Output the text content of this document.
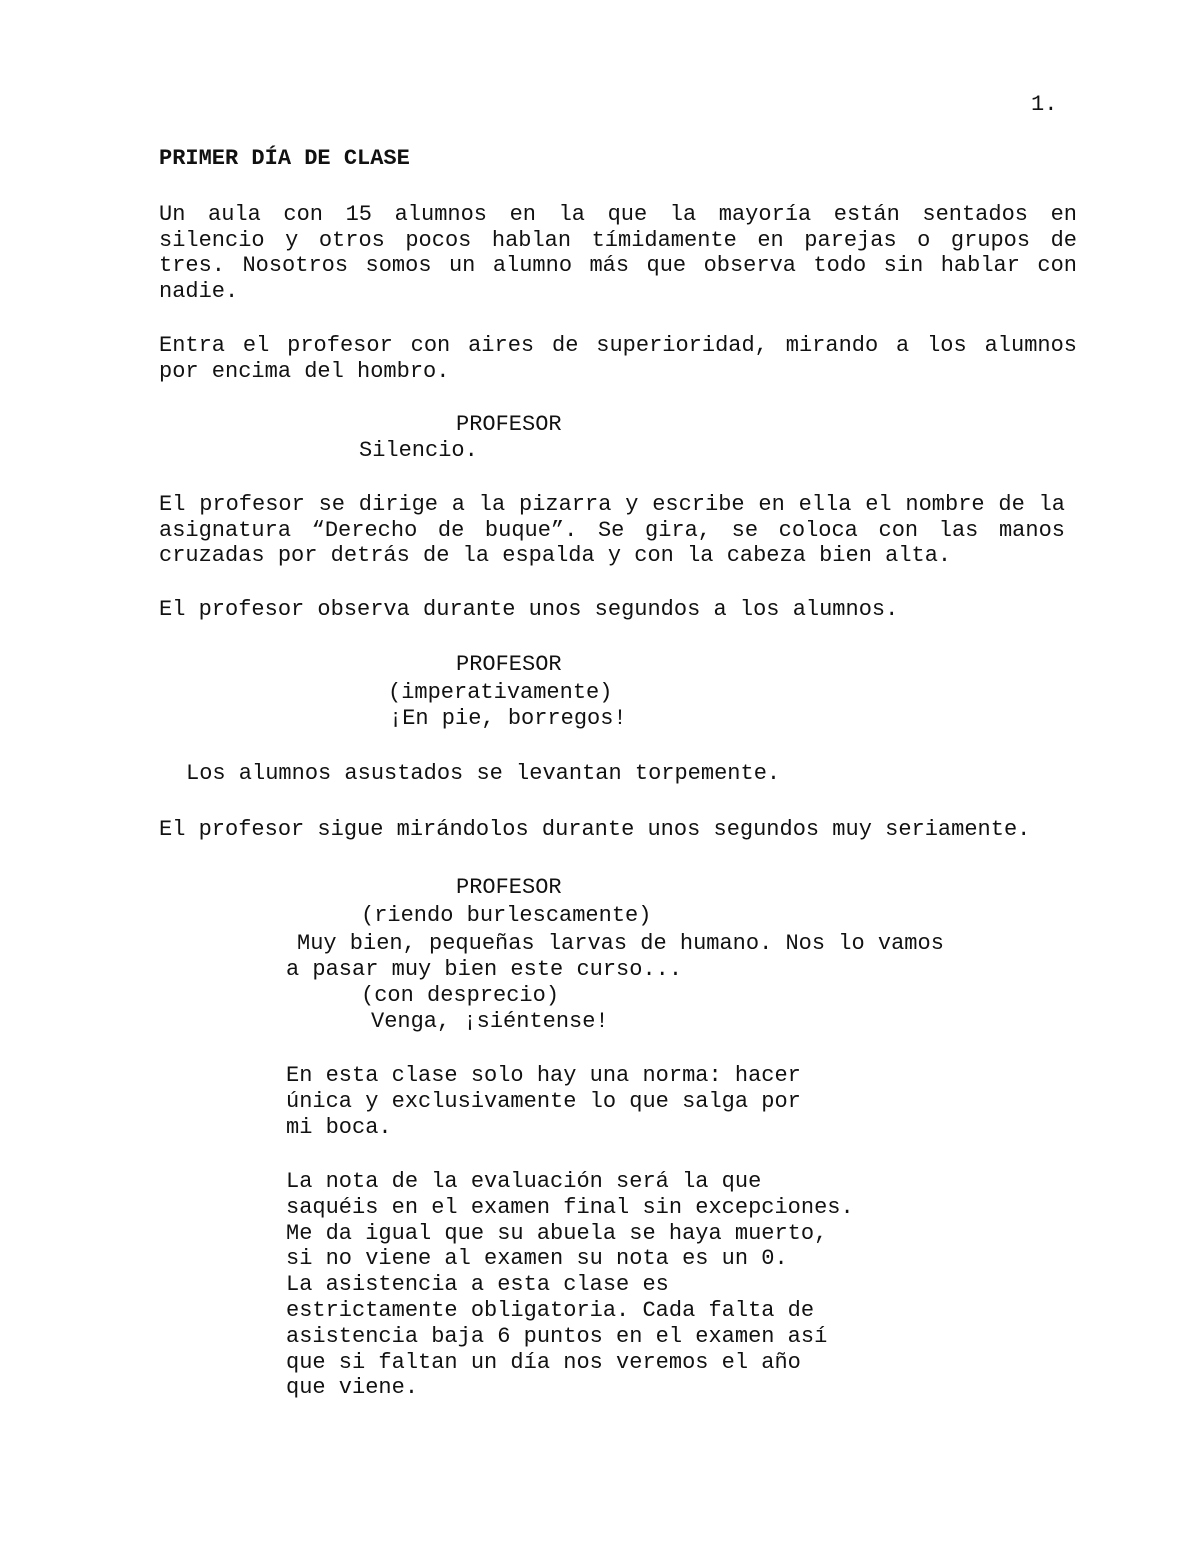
1.
PRIMER DÍA DE CLASE

Un aula con 15 alumnos en la que la mayoría están sentados en silencio y otros pocos hablan tímidamente en parejas o grupos de tres. Nosotros somos un alumno más que observa todo sin hablar con nadie.

Entra el profesor con aires de superioridad, mirando a los alumnos por encima del hombro.

PROFESOR
Silencio.

El profesor se dirige a la pizarra y escribe en ella el nombre de la asignatura “Derecho de buque”. Se gira, se coloca con las manos cruzadas por detrás de la espalda y con la cabeza bien alta.

El profesor observa durante unos segundos a los alumnos.
PROFESOR
(imperativamente)
¡En pie, borregos!
Los alumnos asustados se levantan torpemente.
El profesor sigue mirándolos durante unos segundos muy seriamente.
PROFESOR
(riendo burlescamente)
Muy bien, pequeñas larvas de humano. Nos lo vamos
a pasar muy bien este curso...
(con desprecio)
Venga, ¡siéntense!
En esta clase solo hay una norma: hacer
única y exclusivamente lo que salga por
mi boca.
La nota de la evaluación será la que
saquéis en el examen final sin excepciones.
Me da igual que su abuela se haya muerto,
si no viene al examen su nota es un 0.
La asistencia a esta clase es
estrictamente obligatoria. Cada falta de
asistencia baja 6 puntos en el examen así
que si faltan un día nos veremos el año
que viene.
